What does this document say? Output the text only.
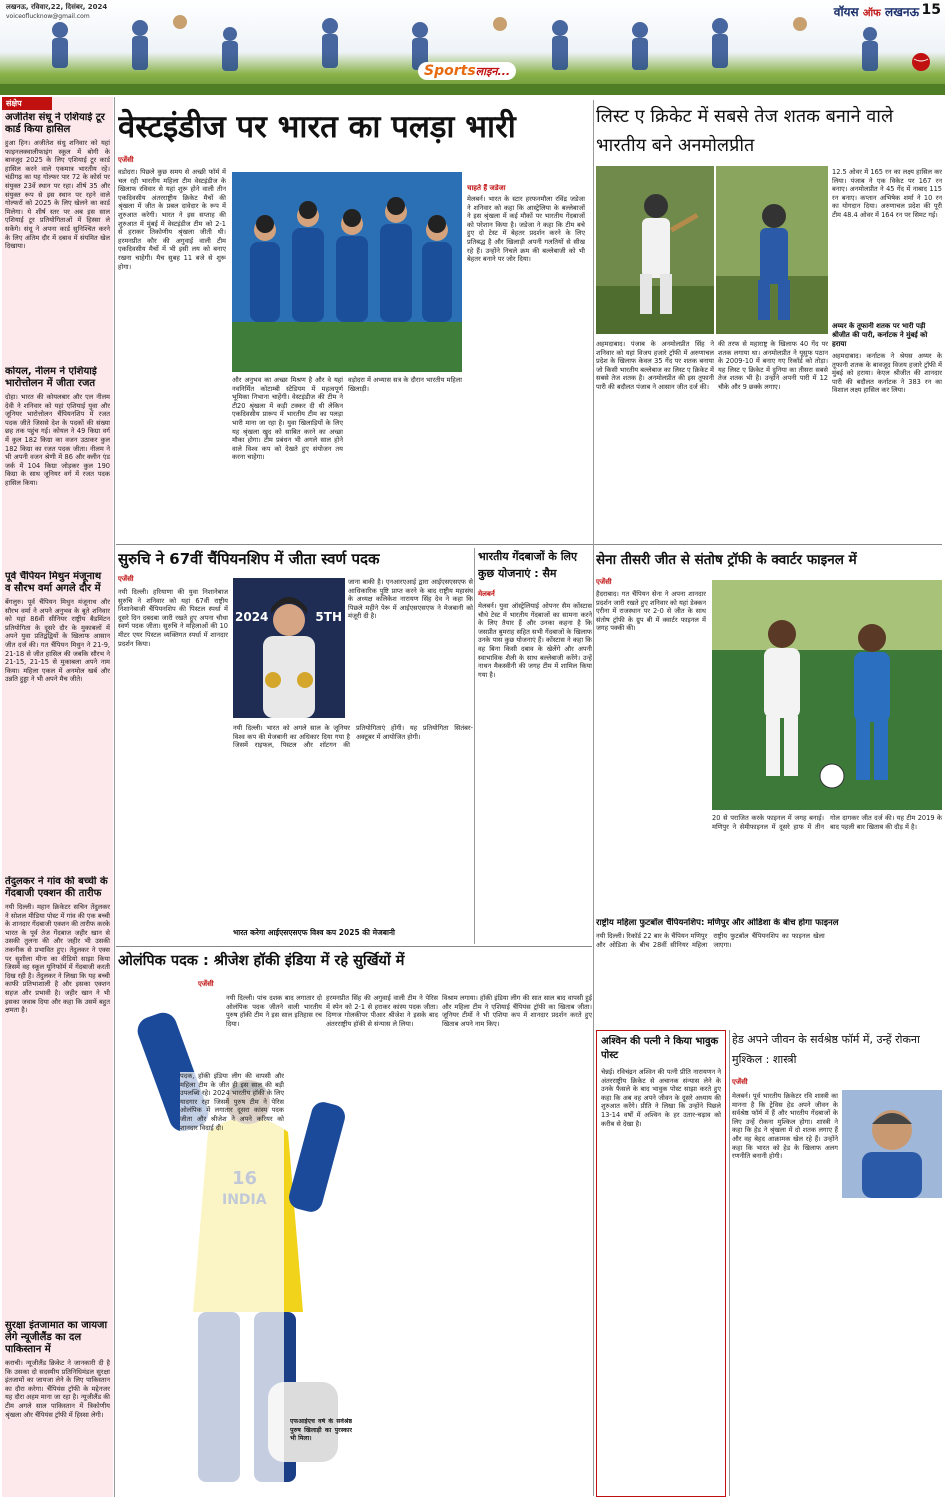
लखनऊ, रविवार,22, दिसंबर, 2024
voiceoflucknow@gmail.com	वॉयस ऑफ लखनऊ 15
Sportsलाइन...
संक्षेप
अजीतेश संधू ने एशियाई टूर कार्ड किया हासिल
हुआ हिन। अजीतेश संधु शनिवार को यहां फाइनलक्वालीफाइंग स्कूल में बोगी के बावजूद 2025 के लिए एशियाई टूर कार्ड हासिल करने वाले एकमात्र भारतीय रहे। चंडीगढ़ का यह गोल्फर पार 72 के कोर्स पर संयुक्त 23वें स्थान पर रहा। शीर्ष 35 और संयुक्त रूप से इस स्थान पर रहने वाले गोल्फरों को 2025 के लिए खेलने का कार्ड मिलेगा। ये शीर्ष स्तर पर अब इस साल एशियाई टूर प्रतियोगिताओं में हिस्सा ले सकेंगे। संधू ने अपना कार्ड सुनिश्चित करने के लिए अंतिम दौर में दबाव में संयमित खेल दिखाया।
कोयल, नीलम ने एशियाई भारोत्तोलन में जीता रजत
दोहा। भारत की कोयलबार और एल नीलम देवी ने शनिवार को यहां एशियाई युवा और जूनियर भारोत्तोलन चैंपियनशिप में रजत पदक जीते जिससे देश के पदकों की संख्या छह तक पहुंच गई। कोयल ने 49 किग्रा वर्ग में कुल 182 किग्रा का वजन उठाकर कुल 182 किग्रा का रजत पदक जीता। नीलम ने भी अपनी वजन श्रेणी में 86 और क्लीन एंड जर्क में 104 किग्रा जोड़कर कुल 190 किग्रा के साथ जूनियर वर्ग में रजत पदक हासिल किया।
पूर्व चैंपियन मिथुन मंजूनाथ व सौरभ वर्मा अगले दौर में
बेंगलुरु। पूर्व चैंपियन मिथुन मंजूनाथ और सौरभ वर्मा ने अपने अनुभव के बूते शनिवार को यहां 86वीं सीनियर राष्ट्रीय बैडमिंटन प्रतियोगिता के दूसरे दौर के मुकाबलों में अपने युवा प्रतिद्वंद्वियों के खिलाफ आसान जीत दर्ज की। गत चैंपियन मिथुन ने 21-9, 21-18 से जीत हासिल की जबकि सौरभ ने 21-15, 21-15 से मुकाबला अपने नाम किया। महिला एकल में अनमोल खर्ब और उन्नति हुड्डा ने भी अपने मैच जीते।
तेंदुलकर ने गांव की बच्ची के गेंदबाजी एक्शन की तारीफ
नयी दिल्ली। महान क्रिकेटर सचिन तेंदुलकर ने सोशल मीडिया पोस्ट में गांव की एक बच्ची के शानदार गेंदबाजी एक्शन की तारीफ करके भारत के पूर्व तेज गेंदबाज जहीर खान से उसकी तुलना की और जहीर भी उसकी तकनीक से प्रभावित हुए। तेंदुलकर ने एक्स पर सुशीला मीना का वीडियो साझा किया जिसमें वह स्कूल यूनिफॉर्म में गेंदबाजी करती दिख रही है। तेंदुलकर ने लिखा कि यह बच्ची काफी प्रतिभाशाली है और इसका एक्शन सहज और प्रभावी है। जहीर खान ने भी इसका जवाब दिया और कहा कि उसमें बहुत क्षमता है।
सुरक्षा इंतजामात का जायजा लेगे न्यूजीलैंड का दल पाकिस्तान में
कराची। न्यूजीलैंड क्रिकेट ने जानकारी दी है कि उसका दो सदस्यीय प्रतिनिधिमंडल सुरक्षा इंतजामों का जायजा लेने के लिए पाकिस्तान का दौरा करेगा। चैंपियंस ट्रॉफी के मद्देनजर यह दौरा अहम माना जा रहा है। न्यूजीलैंड की टीम अगले साल पाकिस्तान में त्रिकोणीय श्रृंखला और चैंपियंस ट्रॉफी में हिस्सा लेगी।
वेस्टइंडीज पर भारत का पलड़ा भारी
एजेंसी
वडोदरा। पिछले कुछ समय से अच्छी फॉर्म में चल रही भारतीय महिला टीम वेस्टइंडीज के खिलाफ रविवार से यहां शुरू होने वाली तीन एकदिवसीय अंतरराष्ट्रीय क्रिकेट मैचों की श्रृंखला में जीत के प्रबल दावेदार के रूप में शुरुआत करेगी। भारत ने इस सप्ताह की शुरुआत में मुंबई में वेस्टइंडीज टीम को 2-1 से हराकर तिकोणीय श्रृंखला जीती थी। हरमनप्रीत कौर की अगुवाई वाली टीम एकदिवसीय मैचों में भी इसी लय को बनाए रखना चाहेगी। मैच सुबह 11 बजे से शुरू होगा।
और अनुभव का अच्छा मिश्रण है और वे यहां नवनिर्मित कोटाम्बी स्टेडियम में महत्वपूर्ण भूमिका निभाना चाहेंगी। वेस्टइंडीज की टीम ने टी20 श्रृंखला में कड़ी टक्कर दी थी लेकिन एकदिवसीय प्रारूप में भारतीय टीम का पलड़ा भारी माना जा रहा है। युवा खिलाड़ियों के लिए यह श्रृंखला खुद को साबित करने का अच्छा मौका होगा। टीम प्रबंधन भी अगले साल होने वाले विश्व कप को देखते हुए संयोजन तय करना चाहेगा।
वड़ोदरा में अभ्यास सत्र के दौरान भारतीय महिला खिलाड़ी।
चाहते हैं जडेजा
मेलबर्न। भारत के स्टार हरफनमौला रविंद्र जडेजा ने शनिवार को कहा कि आस्ट्रेलिया के बल्लेबाजों ने इस श्रृंखला में कई मौकों पर भारतीय गेंदबाजों को परेशान किया है। जडेजा ने कहा कि टीम बचे हुए दो टेस्ट में बेहतर प्रदर्शन करने के लिए प्रतिबद्ध है और खिलाड़ी अपनी गलतियों से सीख रहे हैं। उन्होंने निचले क्रम की बल्लेबाजी को भी बेहतर बनाने पर जोर दिया।
लिस्ट ए क्रिकेट में सबसे तेज शतक बनाने वाले भारतीय बने अनमोलप्रीत
12.5 ओवर में 165 रन का लक्ष्य हासिल कर लिया। पंजाब ने एक विकेट पर 167 रन बनाए। अनमोलप्रीत ने 45 गेंद में नाबाद 115 रन बनाए। कप्तान अभिषेक शर्मा ने 10 रन का योगदान दिया। अरुणाचल प्रदेश की पूरी टीम 48.4 ओवर में 164 रन पर सिमट गई।
अहमदाबाद। पंजाब के अनमोलप्रीत सिंह ने शनिवार को यहां विजय हजारे ट्रॉफी में अरुणाचल प्रदेश के खिलाफ केवल 35 गेंद पर शतक बनाया जो किसी भारतीय बल्लेबाज का लिस्ट ए क्रिकेट में सबसे तेज शतक है। अनमोलप्रीत की इस तूफानी पारी की बदौलत पंजाब ने आसान जीत दर्ज की।
की तरफ से महाराष्ट्र के खिलाफ 40 गेंद पर शतक लगाया था। अनमोलप्रीत ने यूसुफ पठान के 2009-10 में बनाए गए रिकॉर्ड को तोड़ा। यह लिस्ट ए क्रिकेट में दुनिया का तीसरा सबसे तेज शतक भी है। उन्होंने अपनी पारी में 12 चौके और 9 छक्के लगाए।
अय्यर के तूफानी शतक पर भारी पड़ी श्रीजीत की पारी, कर्नाटक ने मुंबई को हराया
अहमदाबाद। कर्नाटक ने श्रेयस अय्यर के तूफानी शतक के बावजूद विजय हजारे ट्रॉफी में मुंबई को हराया। केएल श्रीजीत की शानदार पारी की बदौलत कर्नाटक ने 383 रन का विशाल लक्ष्य हासिल कर लिया।
सुरुचि ने 67वीं चैंपियनशिप में जीता स्वर्ण पदक
एजेंसी
नयी दिल्ली। हरियाणा की युवा निशानेबाज सुरुचि ने शनिवार को यहां 67वीं राष्ट्रीय निशानेबाजी चैंपियनशिप की पिस्टल स्पर्धा में दूसरे दिन दबदबा जारी रखते हुए अपना चौथा स्वर्ण पदक जीता। सुरुचि ने महिलाओं की 10 मीटर एयर पिस्टल व्यक्तिगत स्पर्धा में शानदार प्रदर्शन किया।
2024	5TH
जाना बाकी है। एनआरएआई द्वारा आईएसएसएफ से आधिकारिक पुष्टि प्राप्त करने के बाद राष्ट्रीय महासंघ के अध्यक्ष कलिकेश नारायण सिंह देव ने कहा कि पिछले महीने पेरू में आईएसएसएफ ने मेजबानी को मंजूरी दी है।
नयी दिल्ली। भारत को अगले साल के जूनियर विश्व कप की मेजबानी का अधिकार दिया गया है जिसमें राइफल, पिस्टल और शॉटगन की प्रतियोगिताएं होंगी। यह प्रतियोगिता सितंबर-अक्टूबर में आयोजित होगी।
भारत करेगा आईएसएसएफ विश्व कप 2025 की मेजबानी
भारतीय गेंदबाजों के लिए कुछ योजनाएं : सैम
मेलबर्न
मेलबर्न। युवा ऑस्ट्रेलियाई ओपनर सैम कोंस्टास चौथे टेस्ट में भारतीय गेंदबाजों का सामना करने के लिए तैयार हैं और उनका कहना है कि जसप्रीत बुमराह सहित सभी गेंदबाजों के खिलाफ उनके पास कुछ योजनाएं हैं। कोंस्टास ने कहा कि वह बिना किसी दबाव के खेलेंगे और अपनी स्वाभाविक शैली के साथ बल्लेबाजी करेंगे। उन्हें नाथन मैकस्वीनी की जगह टीम में शामिल किया गया है।
राष्ट्रीय महिला फुटबॉल चैंपियनशिप: मणिपुर और ओडिशा के बीच होगा फाइनल
नयी दिल्ली। रिकॉर्ड 22 बार के चैंपियन मणिपुर और ओडिशा के बीच 28वीं सीनियर महिला राष्ट्रीय फुटबॉल चैंपियनशिप का फाइनल खेला जाएगा।
सेना तीसरी जीत से संतोष ट्रॉफी के क्वार्टर फाइनल में
एजेंसी
हैदराबाद। गत चैंपियन सेना ने अपना शानदार प्रदर्शन जारी रखते हुए शनिवार को यहां डेक्कन एरीना में राजस्थान पर 2-0 से जीत के साथ संतोष ट्रॉफी के ग्रुप बी में क्वार्टर फाइनल में जगह पक्की की।
20 से पराजित करके फाइनल में जगह बनाई। मणिपुर ने सेमीफाइनल में दूसरे हाफ में तीन गोल दागकर जीत दर्ज की। यह टीम 2019 के बाद पहली बार खिताब की दौड़ में है।
ओलंपिक पदक : श्रीजेश हॉकी इंडिया में रहे सुर्खियों में
एजेंसी
पदक, हॉकी इंडिया लीग की वापसी और महिला टीम के जीत ही इस साल की बड़ी उपलब्धि रहे। 2024 भारतीय हॉकी के लिए यादगार रहा जिसमें पुरुष टीम ने पेरिस ओलंपिक में लगातार दूसरा कांस्य पदक जीता और श्रीजेश ने अपने करियर को शानदार विदाई दी।
नयी दिल्ली। पांच दशक बाद लगातार दो ओलंपिक पदक जीतने वाली भारतीय पुरुष हॉकी टीम ने इस साल इतिहास रच दिया।
हरमनप्रीत सिंह की अगुवाई वाली टीम ने पेरिस में स्पेन को 2-1 से हराकर कांस्य पदक जीता। दिग्गज गोलकीपर पीआर श्रीजेश ने इसके बाद अंतरराष्ट्रीय हॉकी से संन्यास ले लिया।
एफआईएच वर्ष के सर्वश्रेष्ठ पुरुष खिलाड़ी का पुरस्कार भी मिला।
विश्राम लगाया। हॉकी इंडिया लीग की सात साल बाद वापसी हुई और महिला टीम ने एशियाई चैंपियंस ट्रॉफी का खिताब जीता। जूनियर टीमों ने भी एशिया कप में शानदार प्रदर्शन करते हुए खिताब अपने नाम किए।
अश्विन की पत्नी ने किया भावुक पोस्ट
चेन्नई। रविचंद्रन अश्विन की पत्नी प्रीति नारायणन ने अंतरराष्ट्रीय क्रिकेट से अचानक संन्यास लेने के उनके फैसले के बाद भावुक पोस्ट साझा करते हुए कहा कि अब वह अपने जीवन के दूसरे अध्याय की शुरुआत करेंगे। प्रीति ने लिखा कि उन्होंने पिछले 13-14 वर्षों में अश्विन के हर उतार-चढ़ाव को करीब से देखा है।
हेड अपने जीवन के सर्वश्रेष्ठ फॉर्म में, उन्हें रोकना मुश्किल : शास्त्री
एजेंसी
मेलबर्न। पूर्व भारतीय क्रिकेटर रवि शास्त्री का मानना है कि ट्रेविस हेड अपने जीवन के सर्वश्रेष्ठ फॉर्म में हैं और भारतीय गेंदबाजों के लिए उन्हें रोकना मुश्किल होगा। शास्त्री ने कहा कि हेड ने श्रृंखला में दो शतक लगाए हैं और वह बेहद आक्रामक खेल रहे हैं। उन्होंने कहा कि भारत को हेड के खिलाफ अलग रणनीति बनानी होगी।
